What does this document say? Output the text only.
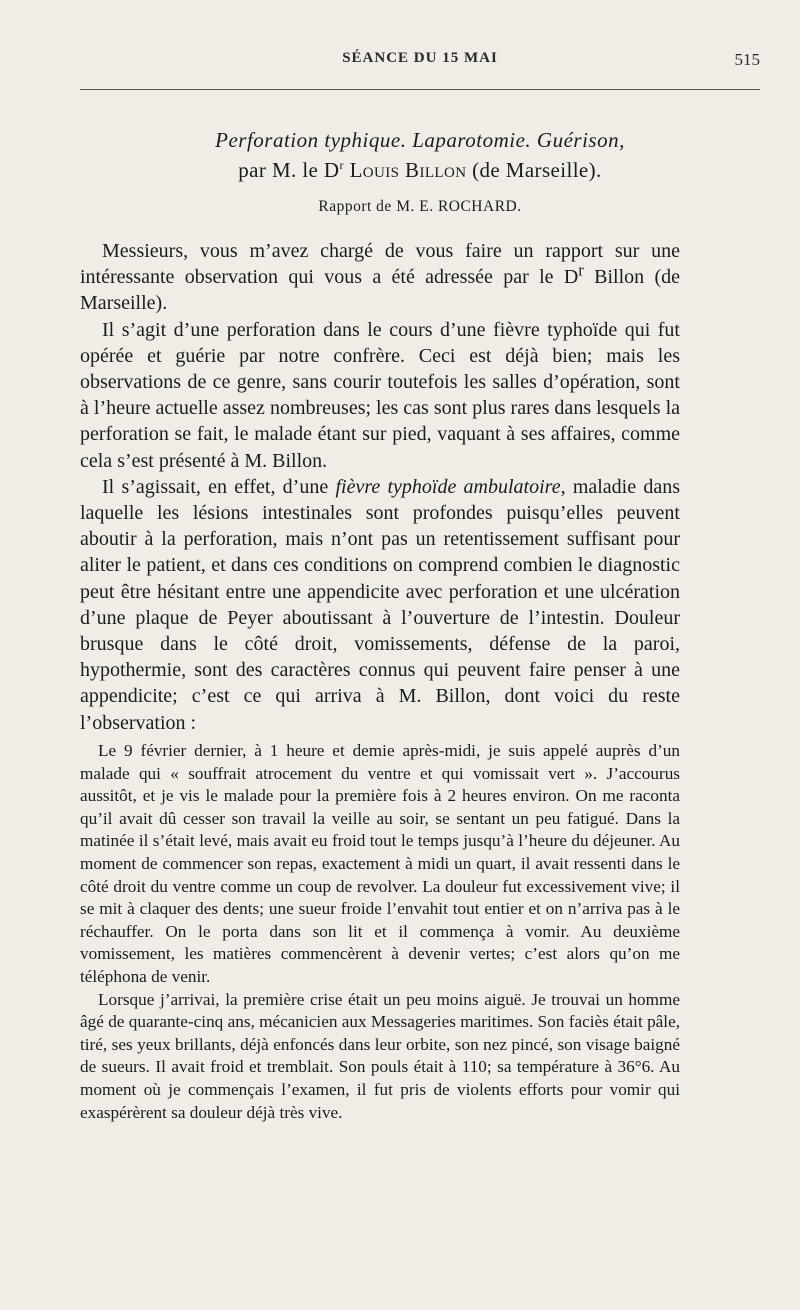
SÉANCE DU 15 MAI	515
Perforation typhique. Laparotomie. Guérison,
par M. le $D^r$ Louis Billon (de Marseille).
Rapport de M. E. ROCHARD.

Messieurs, vous m’avez chargé de vous faire un rapport sur une intéressante observation qui vous a été adressée par le $D^r$ Billon (de Marseille).

Il s’agit d’une perforation dans le cours d’une fièvre typhoïde qui fut opérée et guérie par notre confrère. Ceci est déjà bien; mais les observations de ce genre, sans courir toutefois les salles d’opération, sont à l’heure actuelle assez nombreuses; les cas sont plus rares dans lesquels la perforation se fait, le malade étant sur pied, vaquant à ses affaires, comme cela s’est présenté à M. Billon.

Il s’agissait, en effet, d’une fièvre typhoïde ambulatoire, maladie dans laquelle les lésions intestinales sont profondes puisqu’elles peuvent aboutir à la perforation, mais n’ont pas un retentissement suffisant pour aliter le patient, et dans ces conditions on comprend combien le diagnostic peut être hésitant entre une appendicite avec perforation et une ulcération d’une plaque de Peyer aboutissant à l’ouverture de l’intestin. Douleur brusque dans le côté droit, vomissements, défense de la paroi, hypothermie, sont des caractères connus qui peuvent faire penser à une appendicite; c’est ce qui arriva à M. Billon, dont voici du reste l’observation :

Le 9 février dernier, à 1 heure et demie après-midi, je suis appelé auprès d’un malade qui « souffrait atrocement du ventre et qui vomissait vert ». J’accourus aussitôt, et je vis le malade pour la première fois à 2 heures environ. On me raconta qu’il avait dû cesser son travail la veille au soir, se sentant un peu fatigué. Dans la matinée il s’était levé, mais avait eu froid tout le temps jusqu’à l’heure du déjeuner. Au moment de commencer son repas, exactement à midi un quart, il avait ressenti dans le côté droit du ventre comme un coup de revolver. La douleur fut excessivement vive; il se mit à claquer des dents; une sueur froide l’envahit tout entier et on n’arriva pas à le réchauffer. On le porta dans son lit et il commença à vomir. Au deuxième vomissement, les matières commencèrent à devenir vertes; c’est alors qu’on me téléphona de venir.

Lorsque j’arrivai, la première crise était un peu moins aiguë. Je trouvai un homme âgé de quarante-cinq ans, mécanicien aux Messageries maritimes. Son faciès était pâle, tiré, ses yeux brillants, déjà enfoncés dans leur orbite, son nez pincé, son visage baigné de sueurs. Il avait froid et tremblait. Son pouls était à 110; sa température à 36°6. Au moment où je commençais l’examen, il fut pris de violents efforts pour vomir qui exaspérèrent sa douleur déjà très vive.
